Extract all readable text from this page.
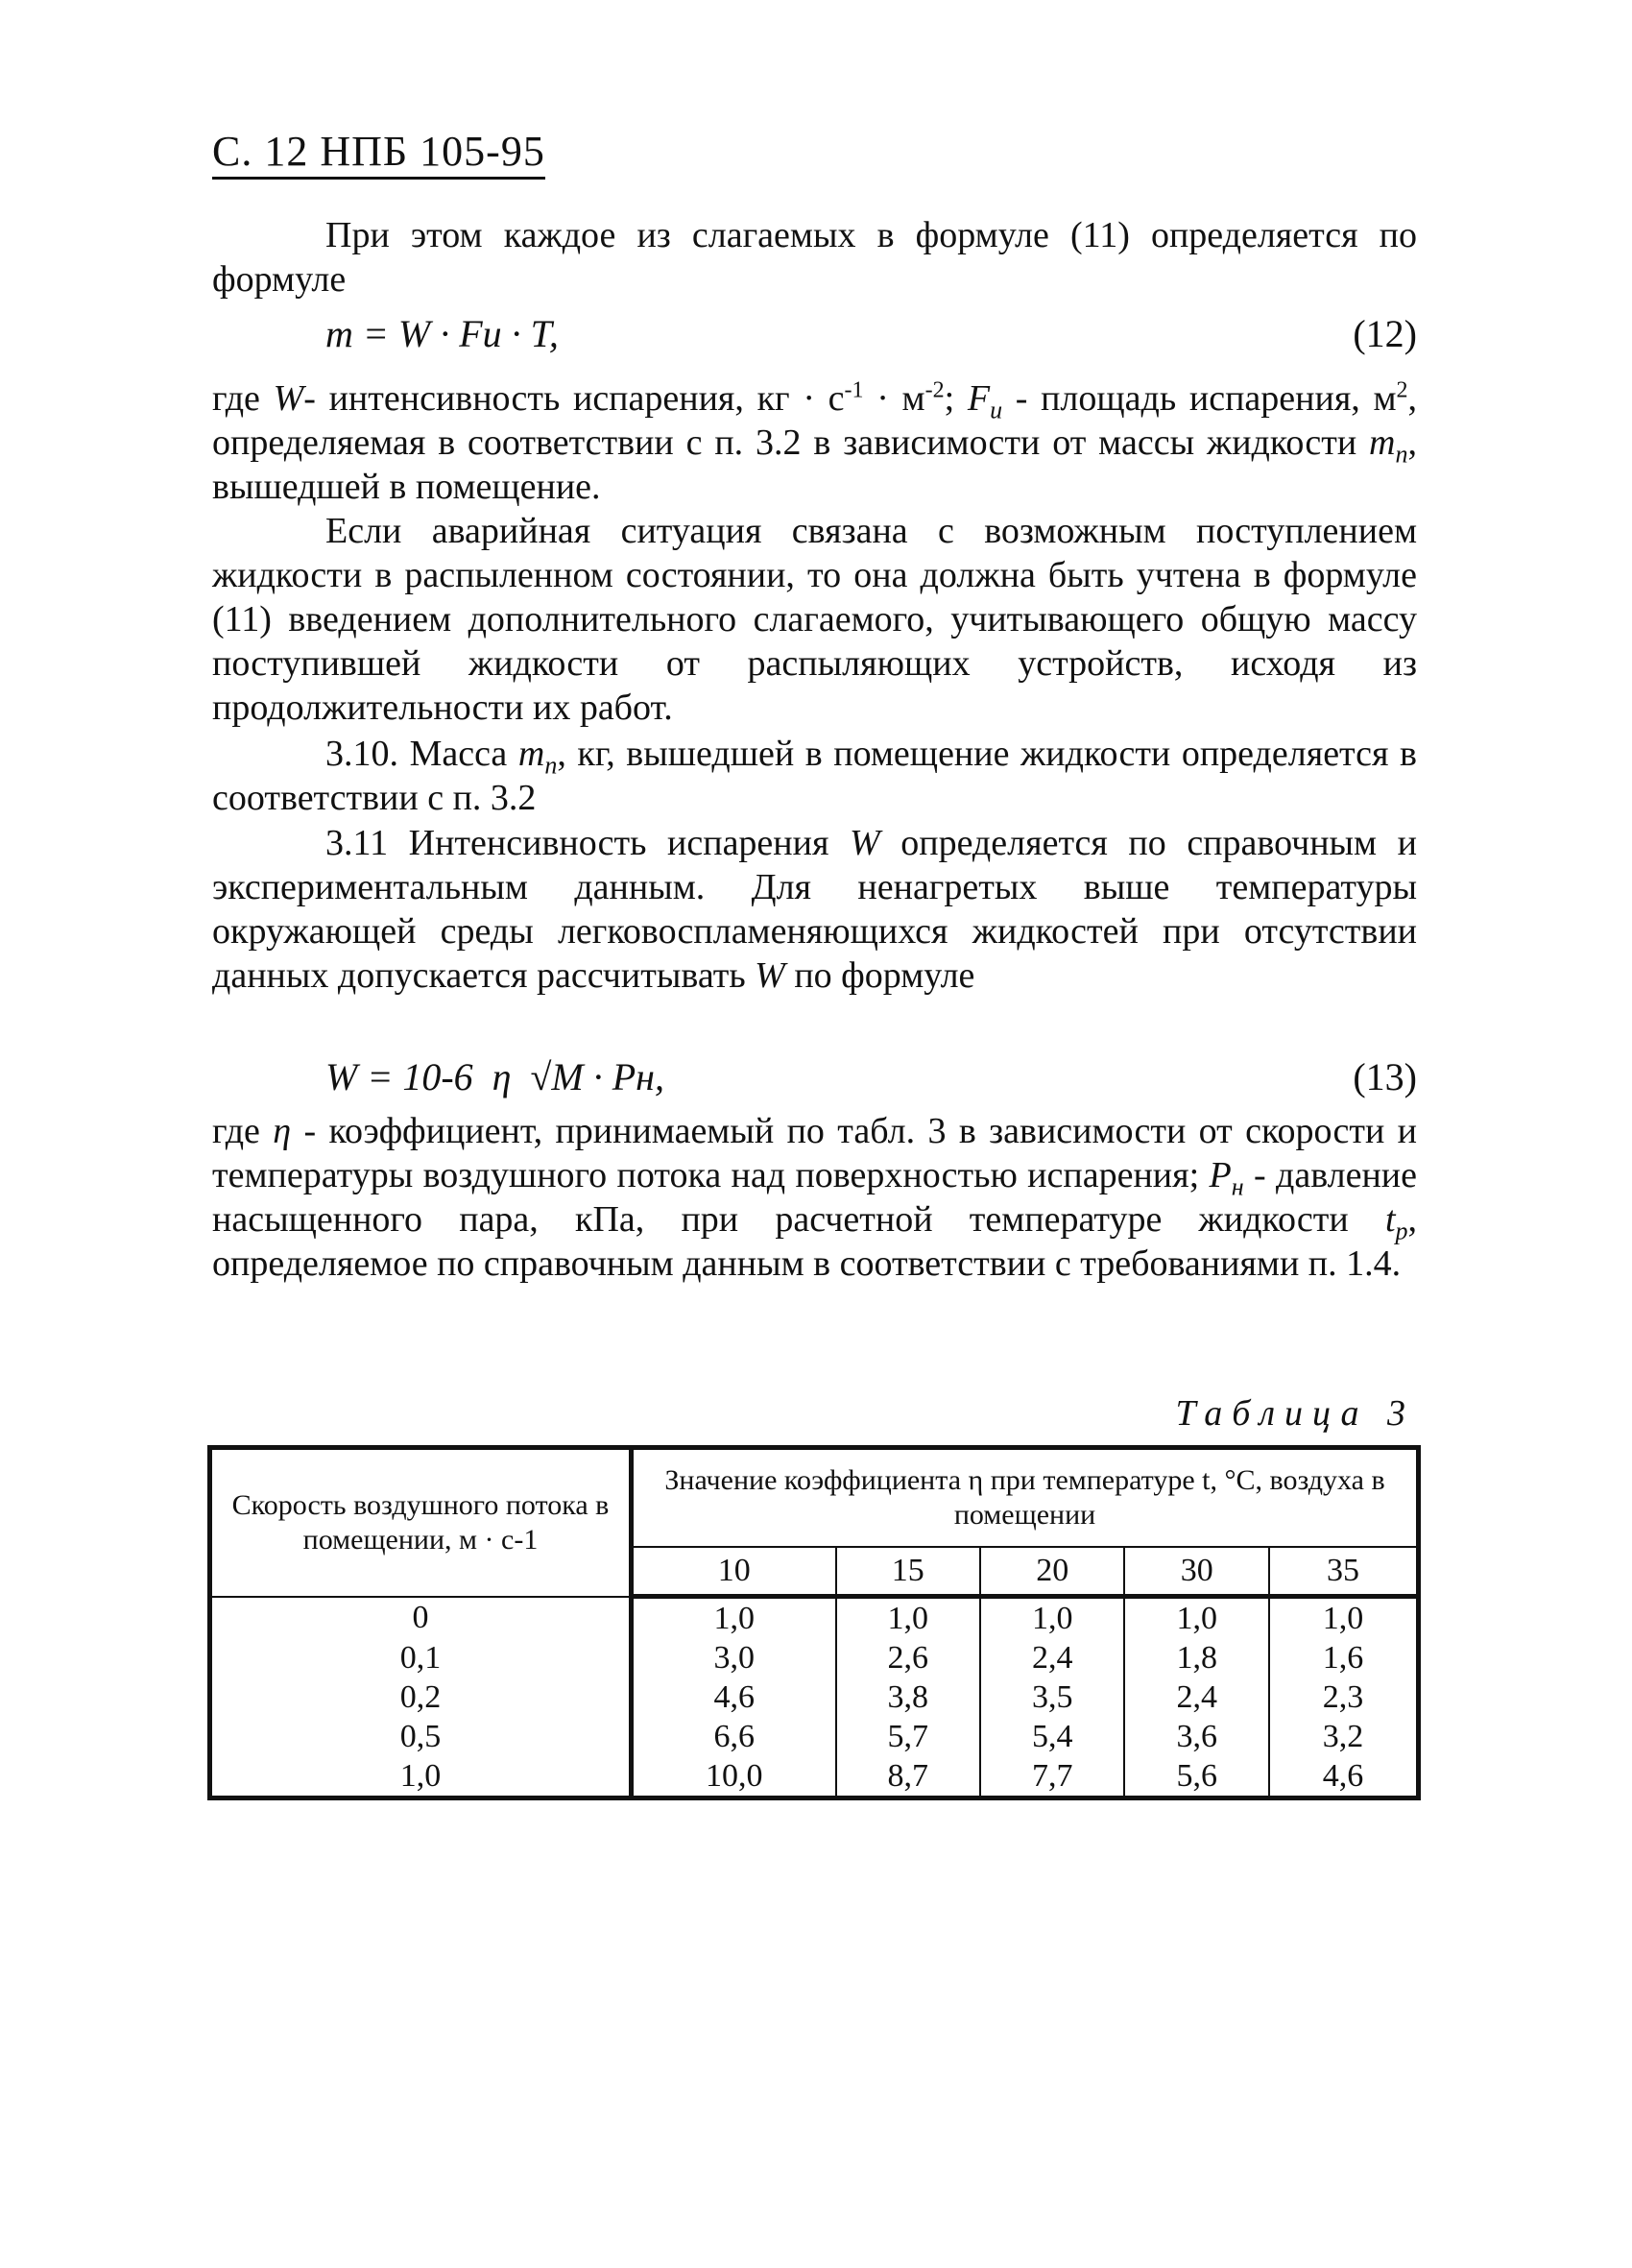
С. 12 НПБ 105-95

При этом каждое из слагаемых в формуле (11) определяется по формуле

m = W · Fи · T,	(12)

где W- интенсивность испарения, кг · $с^{-1} \cdot м^{-2}$; $F_и$ - площадь испарения, $м^2$, определяемая в соответствии с п. 3.2 в зависимости от массы жидкости $m_п$, вышедшей в помещение.

Если аварийная ситуация связана с возможным поступлением жидкости в распыленном состоянии, то она должна быть учтена в формуле (11) введением дополнительного слагаемого, учитывающего общую массу поступившей жидкости от распыляющих устройств, исходя из продолжительности их работ.

3.10. Масса $m_п$, кг, вышедшей в помещение жидкости определяется в соответствии с п. 3.2

3.11 Интенсивность испарения W определяется по справочным и экспериментальным данным. Для ненагретых выше температуры окружающей среды легковоспламеняющихся жидкостей при отсутствии данных допускается рассчитывать W по формуле

W = 10-6  η  √M · Pн,	(13)

где η - коэффициент, принимаемый по табл. 3 в зависимости от скорости и температуры воздушного потока над поверхностью испарения; $P_н$ - давление насыщенного пара, кПа, при расчетной температуре жидкости $t_р$, определяемое по справочным данным в соответствии с требованиями п. 1.4.

Таблица 3
Скорость воздушного потока в помещении, м · с-1	Значение коэффициента η при температуре t, °С, воздуха в помещении				
	10	15	20	30	35
0	1,0	1,0	1,0	1,0	1,0
0,1	3,0	2,6	2,4	1,8	1,6
0,2	4,6	3,8	3,5	2,4	2,3
0,5	6,6	5,7	5,4	3,6	3,2
1,0	10,0	8,7	7,7	5,6	4,6
